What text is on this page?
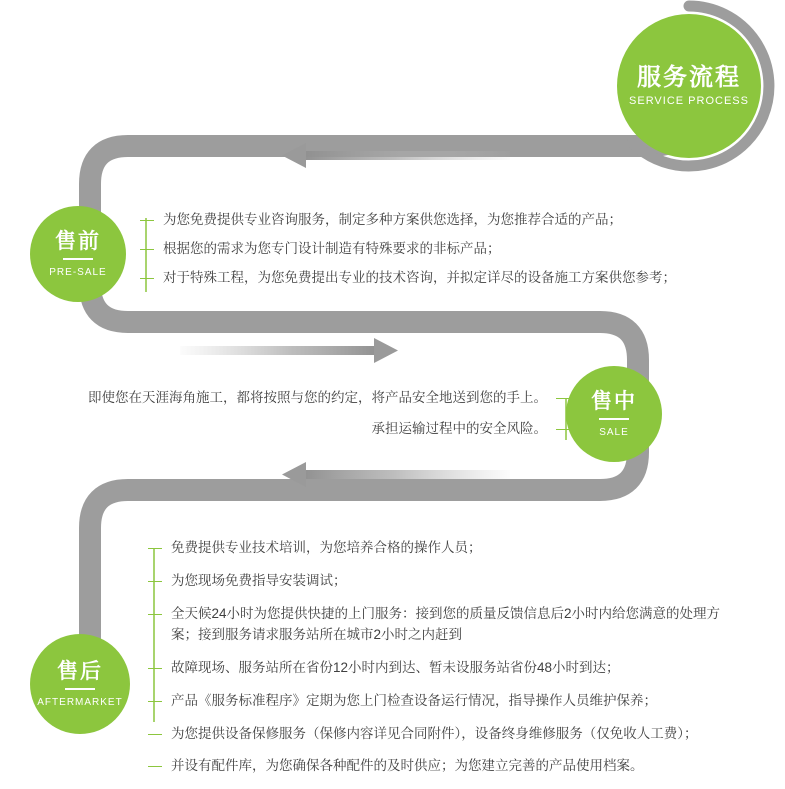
服务流程
SERVICE PROCESS
售前
PRE-SALE
为您免费提供专业咨询服务，制定多种方案供您选择，为您推荐合适的产品；
根据您的需求为您专门设计制造有特殊要求的非标产品；
对于特殊工程，为您免费提出专业的技术咨询，并拟定详尽的设备施工方案供您参考；
售中
SALE
即使您在天涯海角施工，都将按照与您的约定，将产品安全地送到您的手上。
承担运输过程中的安全风险。
售后
AFTERMARKET
免费提供专业技术培训，为您培养合格的操作人员；
为您现场免费指导安装调试；
全天候24小时为您提供快捷的上门服务：接到您的质量反馈信息后2小时内给您满意的处理方案；接到服务请求服务站所在城市2小时之内赶到
故障现场、服务站所在省份12小时内到达、暂未设服务站省份48小时到达；
产品《服务标准程序》定期为您上门检查设备运行情况，指导操作人员维护保养；
为您提供设备保修服务（保修内容详见合同附件），设备终身维修服务（仅免收人工费）；
并设有配件库，为您确保各种配件的及时供应；为您建立完善的产品使用档案。
